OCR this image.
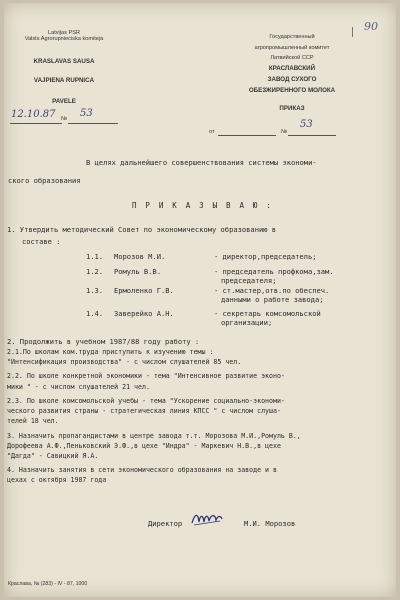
Latvijas PSR
Valsts Agrorupnieciska komiteja
KRASLAVAS SAUSA
VAJPIENA RUPNICA
PAVELE
12.10.87 № 53
Государственный
агропромышленный комитет
Латвийской ССР
КРАСЛАВСКИЙ
ЗАВОД СУХОГО
ОБЕЗЖИРЕННОГО МОЛОКА
ПРИКАЗ
от	№
53
90
В целях дальнейшего совершенствования системы экономи-
ского образования
П Р И К А З Ы В А Ю :
1. Утвердить методический Совет по экономическому образованию в
составе :
1.1. Морозов М.И.	- директор,председатель;
1.2. Ромуль В.В.	- председатель профкома,зам.
председателя;
1.3. Ермоленко Г.В.	- ст.мастер,отв.по обеспеч.
данными о работе завода;
1.4. Заверейко А.Н.	- секретарь комсомольской
организации;
2. Продолжить в учебном 1987/88 году работу :
2.1.По школам ком.труда приступить к изучению темы :
"Интенсификация производства" - с числом слушателей 85 чел.
2.2. По школе конкретной экономики - тема "Интенсивное развитие эконо-
мики " - с числом слушателей 21 чел.
2.3. По школе комсомольской учебы - тема "Ускорение социально-экономи-
ческого развития страны - стратегическая линия КПСС " с числом слуша-
телей 18 чел.
3. Назначить пропагандистами в центре завода т.т. Морозова М.И.,Ромуль В.,
Дорофеева А.Ф.,Пеньковский Э.Ф.,в цехе "Индра" - Маркевич Н.В.,в цехе
"Дагда" - Савицкий Я.А.
4. Назначить занятия в сети экономического образования на заводе и в
цехах с октября 1987 года
Директор	М.И. Морозов
Краслава, № (283) - IV - 87, 1000
